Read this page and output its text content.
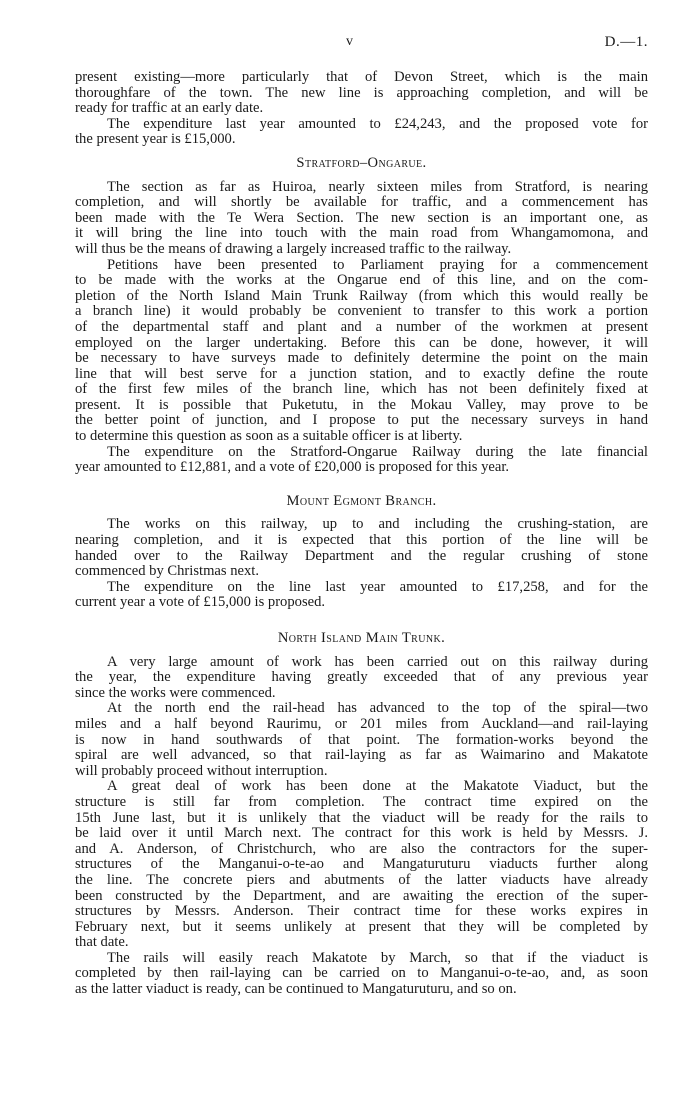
v	D.—1.
present existing—more particularly that of Devon Street, which is the main
thoroughfare of the town. The new line is approaching completion, and will be
ready for traffic at an early date.
The expenditure last year amounted to £24,243, and the proposed vote for
the present year is £15,000.
Stratford–Ongarue.
The section as far as Huiroa, nearly sixteen miles from Stratford, is nearing
completion, and will shortly be available for traffic, and a commencement has
been made with the Te Wera Section. The new section is an important one, as
it will bring the line into touch with the main road from Whangamomona, and
will thus be the means of drawing a largely increased traffic to the railway.
Petitions have been presented to Parliament praying for a commencement
to be made with the works at the Ongarue end of this line, and on the com-
pletion of the North Island Main Trunk Railway (from which this would really be
a branch line) it would probably be convenient to transfer to this work a portion
of the departmental staff and plant and a number of the workmen at present
employed on the larger undertaking. Before this can be done, however, it will
be necessary to have surveys made to definitely determine the point on the main
line that will best serve for a junction station, and to exactly define the route
of the first few miles of the branch line, which has not been definitely fixed at
present. It is possible that Puketutu, in the Mokau Valley, may prove to be
the better point of junction, and I propose to put the necessary surveys in hand
to determine this question as soon as a suitable officer is at liberty.
The expenditure on the Stratford-Ongarue Railway during the late financial
year amounted to £12,881, and a vote of £20,000 is proposed for this year.
Mount Egmont Branch.
The works on this railway, up to and including the crushing-station, are
nearing completion, and it is expected that this portion of the line will be
handed over to the Railway Department and the regular crushing of stone
commenced by Christmas next.
The expenditure on the line last year amounted to £17,258, and for the
current year a vote of £15,000 is proposed.
North Island Main Trunk.
A very large amount of work has been carried out on this railway during
the year, the expenditure having greatly exceeded that of any previous year
since the works were commenced.
At the north end the rail-head has advanced to the top of the spiral—two
miles and a half beyond Raurimu, or 201 miles from Auckland—and rail-laying
is now in hand southwards of that point. The formation-works beyond the
spiral are well advanced, so that rail-laying as far as Waimarino and Makatote
will probably proceed without interruption.
A great deal of work has been done at the Makatote Viaduct, but the
structure is still far from completion. The contract time expired on the
15th June last, but it is unlikely that the viaduct will be ready for the rails to
be laid over it until March next. The contract for this work is held by Messrs. J.
and A. Anderson, of Christchurch, who are also the contractors for the super-
structures of the Manganui-o-te-ao and Mangaturuturu viaducts further along
the line. The concrete piers and abutments of the latter viaducts have already
been constructed by the Department, and are awaiting the erection of the super-
structures by Messrs. Anderson. Their contract time for these works expires in
February next, but it seems unlikely at present that they will be completed by
that date.
The rails will easily reach Makatote by March, so that if the viaduct is
completed by then rail-laying can be carried on to Manganui-o-te-ao, and, as soon
as the latter viaduct is ready, can be continued to Mangaturuturu, and so on.
